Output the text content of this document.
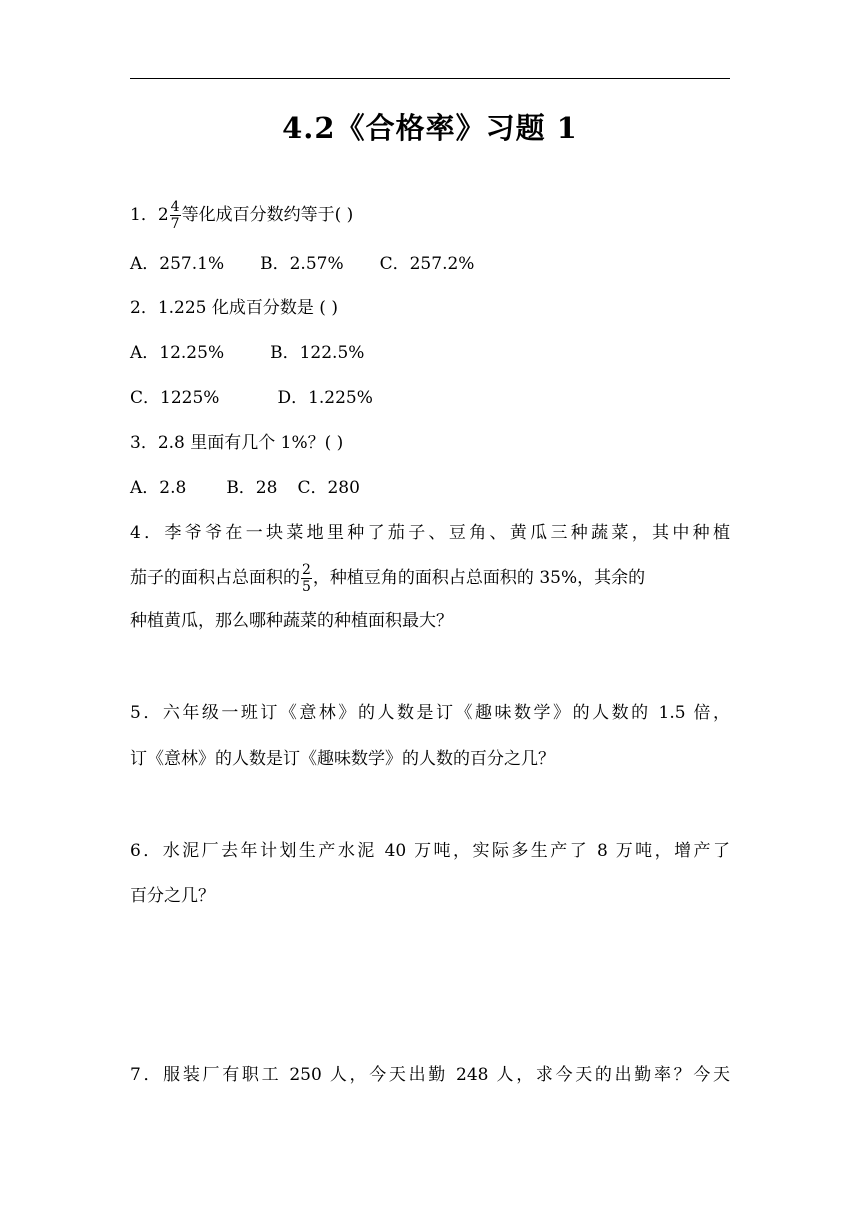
4.2《合格率》习题 1
1．$2 \frac{4}{7}$ 等化成百分数约等于( )
A．257.1% B．2.57% C．257.2%
2．1.225 化成百分数是 ( )
A．12.25%	B．122.5%
C．1225%	D．1.225%
3．2.8 里面有几个 1%？( )
A．2.8 B．28 C．280
4．李爷爷在一块菜地里种了茄子、豆角、黄瓜三种蔬菜，其中种植
茄子的面积占总面积的 $\frac{2}{5}$ ，种植豆角的面积占总面积的 35%，其余的
种植黄瓜，那么哪种蔬菜的种植面积最大？
5．六年级一班订《意林》的人数是订《趣味数学》的人数的 1.5 倍，
订《意林》的人数是订《趣味数学》的人数的百分之几？
6．水泥厂去年计划生产水泥 40 万吨，实际多生产了 8 万吨，增产了
百分之几？
7．服装厂有职工 250 人，今天出勤 248 人，求今天的出勤率？今天
